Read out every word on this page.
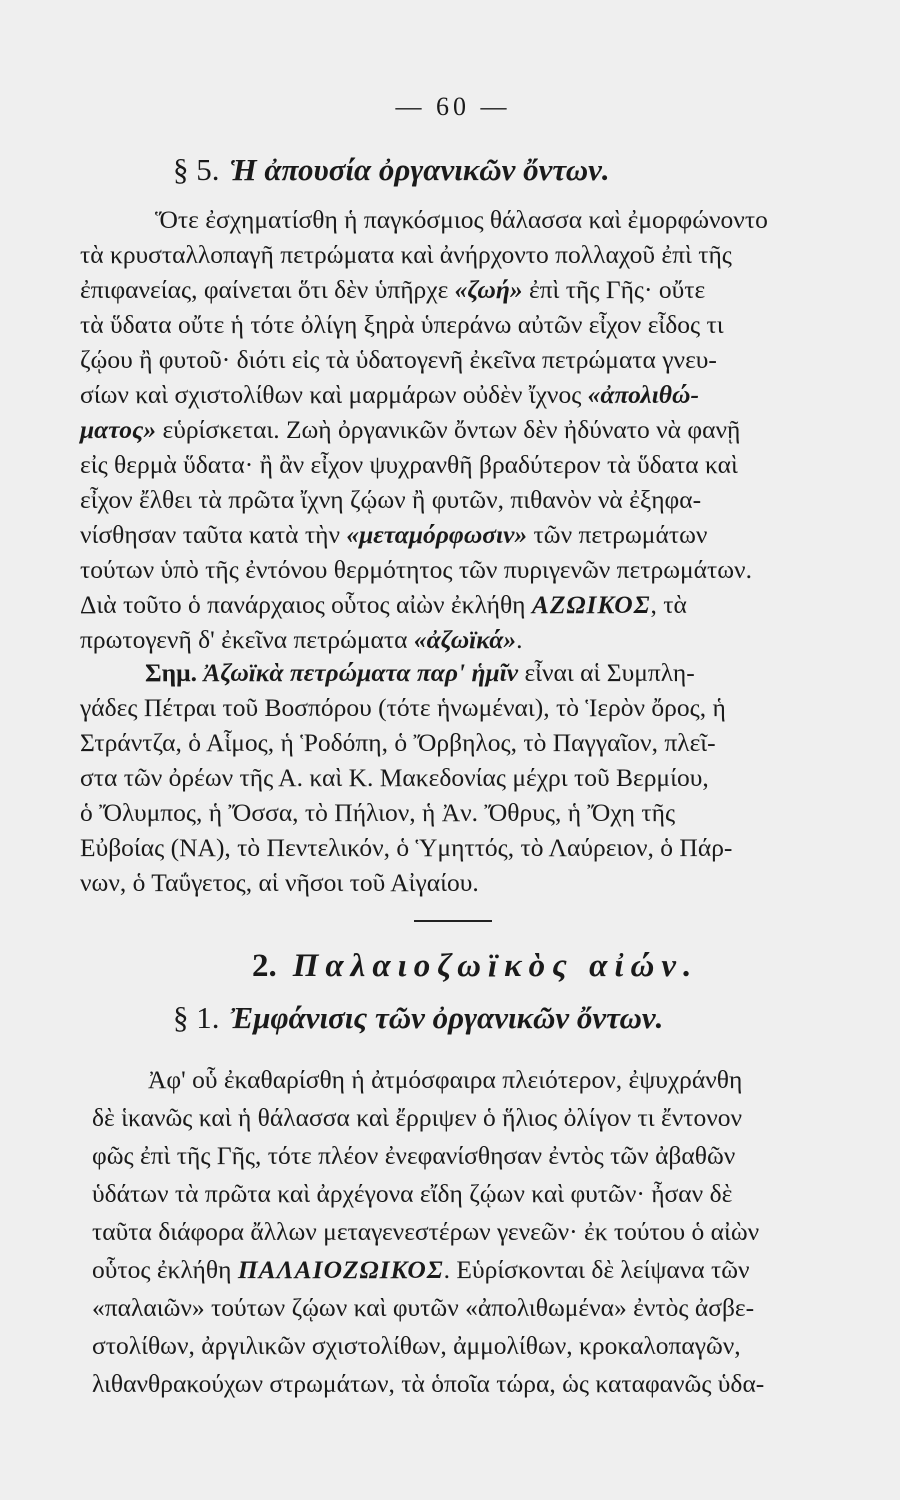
— 60 —
§ 5. Ἡ ἀπουσία ὀργανικῶν ὄντων.
Ὅτε ἐσχηματίσθη ἡ παγκόσμιος θάλασσα καὶ ἐμορφώνοντο
τὰ κρυσταλλοπαγῆ πετρώματα καὶ ἀνήρχοντο πολλαχοῦ ἐπὶ τῆς
ἐπιφανείας, φαίνεται ὅτι δὲν ὑπῆρχε «ζωή» ἐπὶ τῆς Γῆς· οὔτε
τὰ ὕδατα οὔτε ἡ τότε ὀλίγη ξηρὰ ὑπεράνω αὐτῶν εἶχον εἶδος τι
ζῴου ἢ φυτοῦ· διότι εἰς τὰ ὑδατογενῆ ἐκεῖνα πετρώματα γνευ-
σίων καὶ σχιστολίθων καὶ μαρμάρων οὐδὲν ἴχνος «ἀπολιθώ-
ματος» εὑρίσκεται. Ζωὴ ὀργανικῶν ὄντων δὲν ἠδύνατο νὰ φανῇ
εἰς θερμὰ ὕδατα· ἢ ἂν εἶχον ψυχρανθῆ βραδύτερον τὰ ὕδατα καὶ
εἶχον ἔλθει τὰ πρῶτα ἴχνη ζῴων ἢ φυτῶν, πιθανὸν νὰ ἐξηφα-
νίσθησαν ταῦτα κατὰ τὴν «μεταμόρφωσιν» τῶν πετρωμάτων
τούτων ὑπὸ τῆς ἐντόνου θερμότητος τῶν πυριγενῶν πετρωμάτων.
Διὰ τοῦτο ὁ πανάρχαιος οὗτος αἰὼν ἐκλήθη ΑΖΩΙΚΟΣ, τὰ
πρωτογενῆ δ' ἐκεῖνα πετρώματα «ἀζωϊκά».
Σημ. Ἀζωϊκὰ πετρώματα παρ' ἡμῖν εἶναι αἱ Συμπλη-
γάδες Πέτραι τοῦ Βοσπόρου (τότε ἡνωμέναι), τὸ Ἱερὸν ὄρος, ἡ
Στράντζα, ὁ Αἷμος, ἡ Ῥοδόπη, ὁ Ὄρβηλος, τὸ Παγγαῖον, πλεῖ-
στα τῶν ὀρέων τῆς Α. καὶ Κ. Μακεδονίας μέχρι τοῦ Βερμίου,
ὁ Ὄλυμπος, ἡ Ὄσσα, τὸ Πήλιον, ἡ Ἀν. Ὄθρυς, ἡ Ὄχη τῆς
Εὐβοίας (ΝΑ), τὸ Πεντελικόν, ὁ Ὑμηττός, τὸ Λαύρειον, ὁ Πάρ-
νων, ὁ Ταΰγετος, αἱ νῆσοι τοῦ Αἰγαίου.
2. Παλαιοζωϊκὸς αἰών.
§ 1. Ἐμφάνισις τῶν ὀργανικῶν ὄντων.
Ἀφ' οὗ ἐκαθαρίσθη ἡ ἀτμόσφαιρα πλειότερον, ἐψυχράνθη
δὲ ἱκανῶς καὶ ἡ θάλασσα καὶ ἔρριψεν ὁ ἥλιος ὀλίγον τι ἔντονον
φῶς ἐπὶ τῆς Γῆς, τότε πλέον ἐνεφανίσθησαν ἐντὸς τῶν ἀβαθῶν
ὑδάτων τὰ πρῶτα καὶ ἀρχέγονα εἴδη ζῴων καὶ φυτῶν· ἦσαν δὲ
ταῦτα διάφορα ἄλλων μεταγενεστέρων γενεῶν· ἐκ τούτου ὁ αἰὼν
οὗτος ἐκλήθη ΠΑΛΑΙΟΖΩΙΚΟΣ. Εὑρίσκονται δὲ λείψανα τῶν
«παλαιῶν» τούτων ζῴων καὶ φυτῶν «ἀπολιθωμένα» ἐντὸς ἀσβε-
στολίθων, ἀργιλικῶν σχιστολίθων, ἀμμολίθων, κροκαλοπαγῶν,
λιθανθρακούχων στρωμάτων, τὰ ὁποῖα τώρα, ὡς καταφανῶς ὑδα-
